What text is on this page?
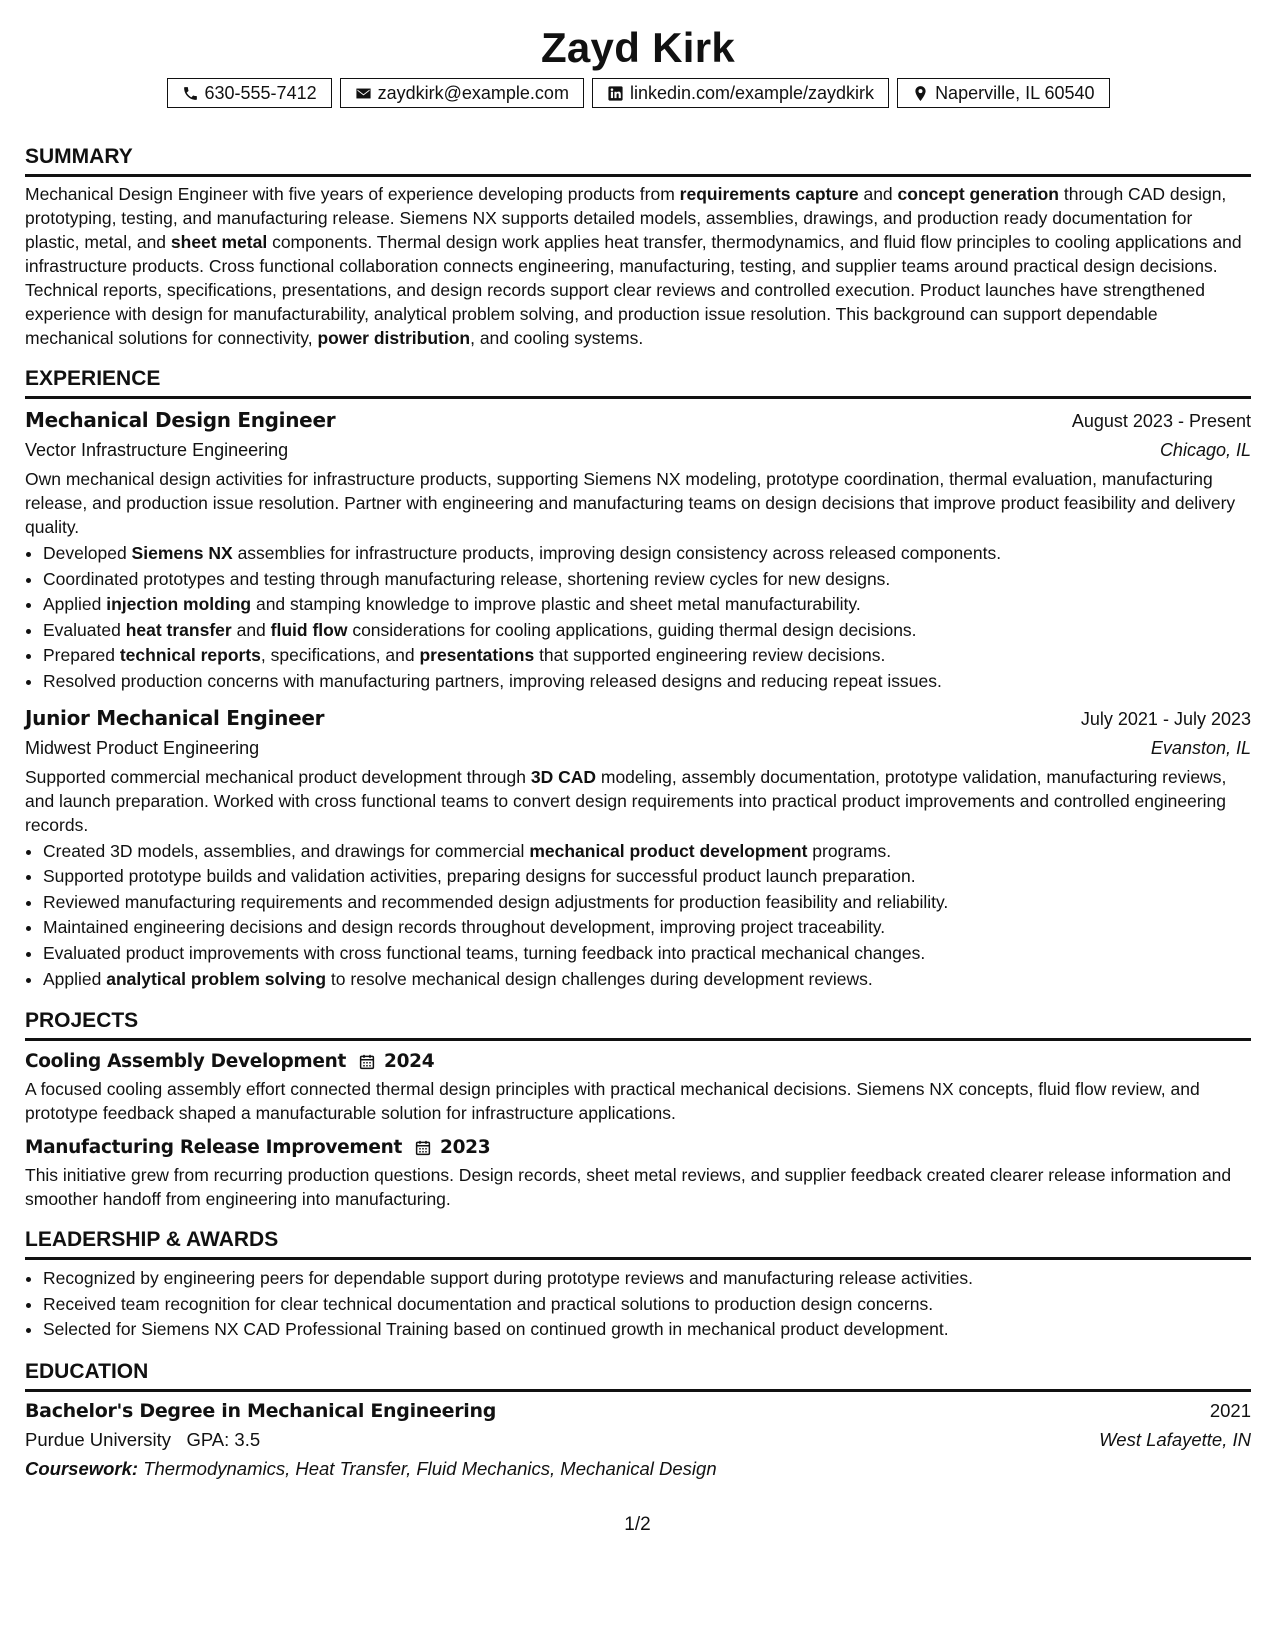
Zayd Kirk
630-555-7412	zaydkirk@example.com	linkedin.com/example/zaydkirk	Naperville, IL 60540
SUMMARY

Mechanical Design Engineer with five years of experience developing products from requirements capture and concept generation through CAD design, prototyping, testing, and manufacturing release. Siemens NX supports detailed models, assemblies, drawings, and production ready documentation for plastic, metal, and sheet metal components. Thermal design work applies heat transfer, thermodynamics, and fluid flow principles to cooling applications and infrastructure products. Cross functional collaboration connects engineering, manufacturing, testing, and supplier teams around practical design decisions. Technical reports, specifications, presentations, and design records support clear reviews and controlled execution. Product launches have strengthened experience with design for manufacturability, analytical problem solving, and production issue resolution. This background can support dependable mechanical solutions for connectivity, power distribution, and cooling systems.

EXPERIENCE
Mechanical Design Engineer	August 2023 - Present
Vector Infrastructure Engineering	Chicago, IL

Own mechanical design activities for infrastructure products, supporting Siemens NX modeling, prototype coordination, thermal evaluation, manufacturing release, and production issue resolution. Partner with engineering and manufacturing teams on design decisions that improve product feasibility and delivery quality.

• Developed Siemens NX assemblies for infrastructure products, improving design consistency across released components.
• Coordinated prototypes and testing through manufacturing release, shortening review cycles for new designs.
• Applied injection molding and stamping knowledge to improve plastic and sheet metal manufacturability.
• Evaluated heat transfer and fluid flow considerations for cooling applications, guiding thermal design decisions.
• Prepared technical reports, specifications, and presentations that supported engineering review decisions.
• Resolved production concerns with manufacturing partners, improving released designs and reducing repeat issues.
Junior Mechanical Engineer	July 2021 - July 2023
Midwest Product Engineering	Evanston, IL

Supported commercial mechanical product development through 3D CAD modeling, assembly documentation, prototype validation, manufacturing reviews, and launch preparation. Worked with cross functional teams to convert design requirements into practical product improvements and controlled engineering records.

• Created 3D models, assemblies, and drawings for commercial mechanical product development programs.
• Supported prototype builds and validation activities, preparing designs for successful product launch preparation.
• Reviewed manufacturing requirements and recommended design adjustments for production feasibility and reliability.
• Maintained engineering decisions and design records throughout development, improving project traceability.
• Evaluated product improvements with cross functional teams, turning feedback into practical mechanical changes.
• Applied analytical problem solving to resolve mechanical design challenges during development reviews.
PROJECTS
Cooling Assembly Development 2024

A focused cooling assembly effort connected thermal design principles with practical mechanical decisions. Siemens NX concepts, fluid flow review, and prototype feedback shaped a manufacturable solution for infrastructure applications.

Manufacturing Release Improvement 2023

This initiative grew from recurring production questions. Design records, sheet metal reviews, and supplier feedback created clearer release information and smoother handoff from engineering into manufacturing.

LEADERSHIP & AWARDS
• Recognized by engineering peers for dependable support during prototype reviews and manufacturing release activities.
• Received team recognition for clear technical documentation and practical solutions to production design concerns.
• Selected for Siemens NX CAD Professional Training based on continued growth in mechanical product development.
EDUCATION
Bachelor's Degree in Mechanical Engineering	2021
Purdue University GPA: 3.5	West Lafayette, IN
Coursework: Thermodynamics, Heat Transfer, Fluid Mechanics, Mechanical Design
1/2
